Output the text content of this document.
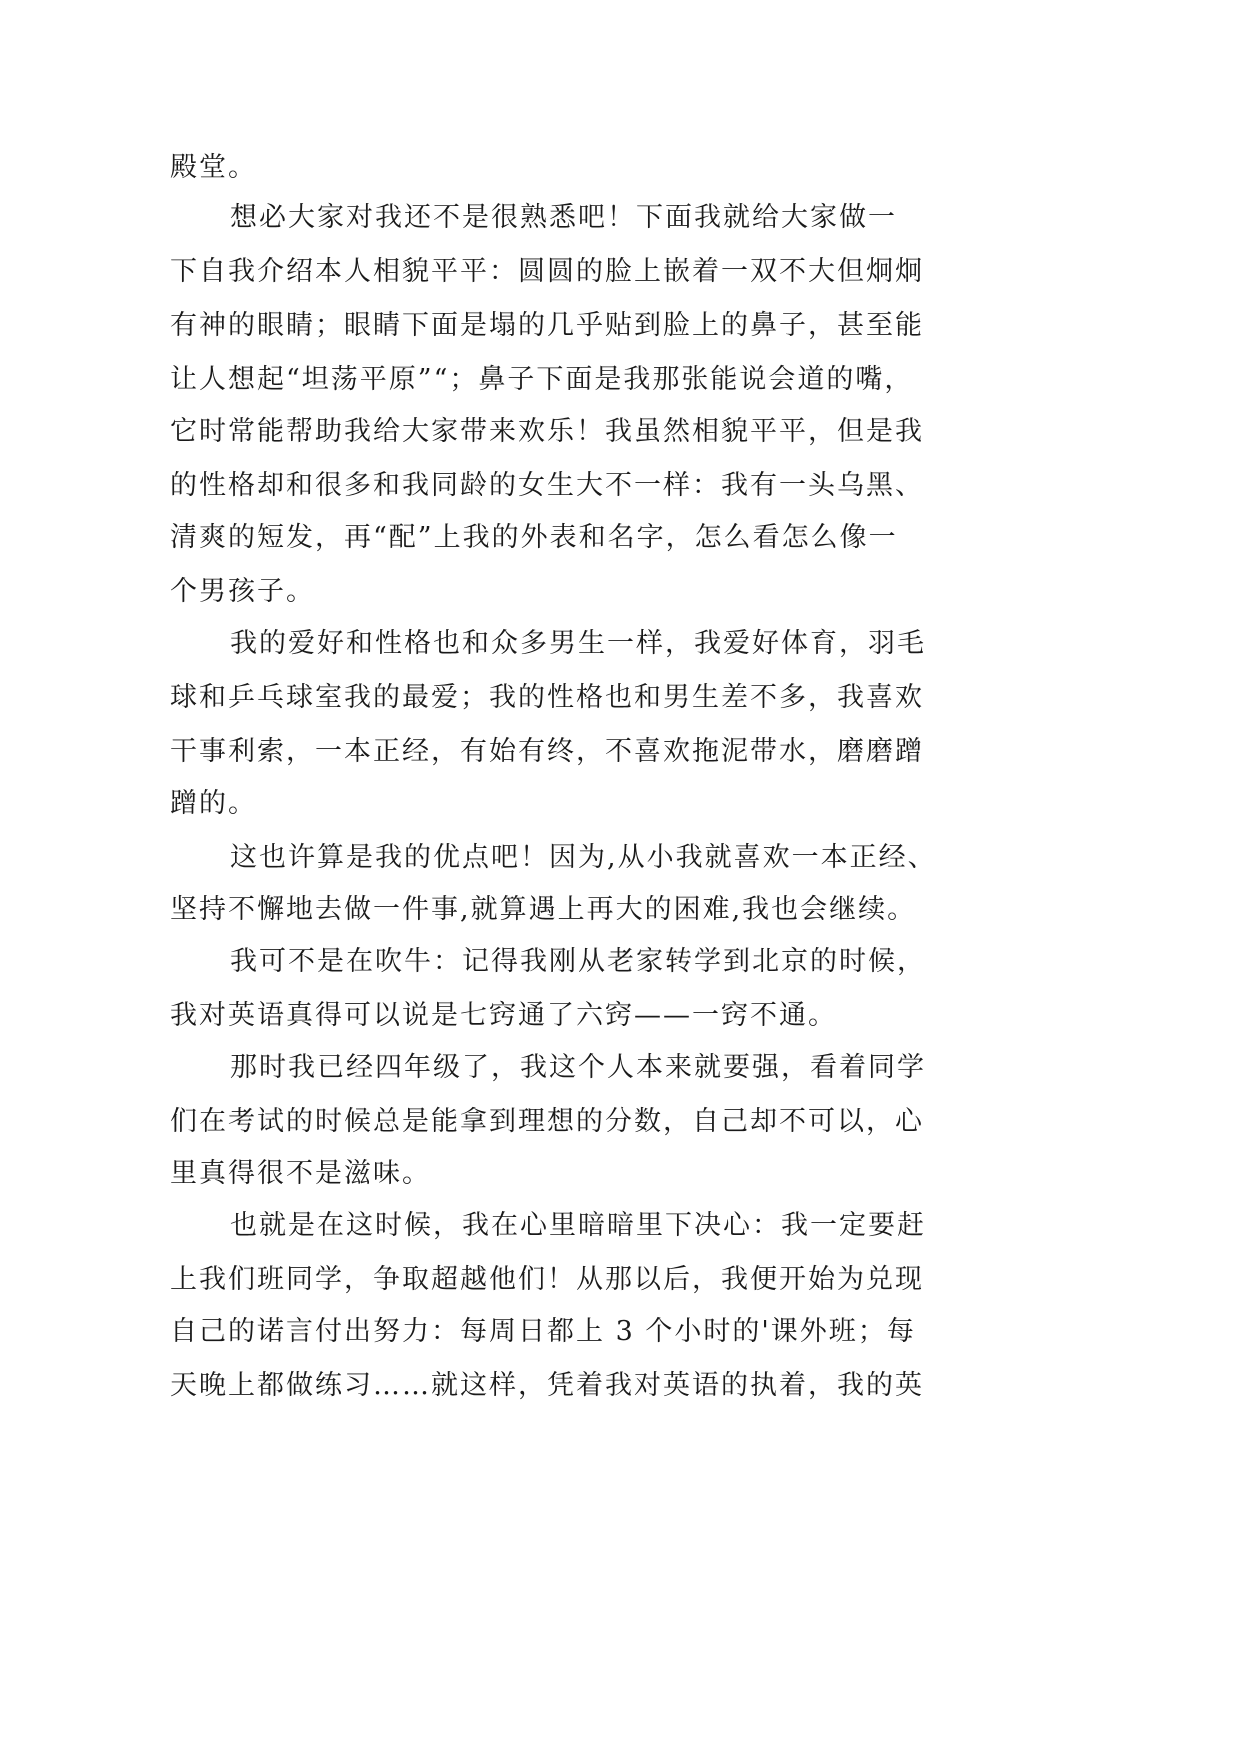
殿堂。

想必大家对我还不是很熟悉吧！下面我就给大家做一

下自我介绍本人相貌平平：圆圆的脸上嵌着一双不大但炯炯

有神的眼睛；眼睛下面是塌的几乎贴到脸上的鼻子，甚至能

让人想起“坦荡平原”“；鼻子下面是我那张能说会道的嘴，

它时常能帮助我给大家带来欢乐！我虽然相貌平平，但是我

的性格却和很多和我同龄的女生大不一样：我有一头乌黑、

清爽的短发，再“配”上我的外表和名字，怎么看怎么像一

个男孩子。

我的爱好和性格也和众多男生一样，我爱好体育，羽毛

球和乒乓球室我的最爱；我的性格也和男生差不多，我喜欢

干事利索，一本正经，有始有终，不喜欢拖泥带水，磨磨蹭

蹭的。

这也许算是我的优点吧！因为,从小我就喜欢一本正经、

坚持不懈地去做一件事,就算遇上再大的困难,我也会继续。

我可不是在吹牛：记得我刚从老家转学到北京的时候，

我对英语真得可以说是七窍通了六窍——一窍不通。

那时我已经四年级了，我这个人本来就要强，看着同学

们在考试的时候总是能拿到理想的分数，自己却不可以，心

里真得很不是滋味。

也就是在这时候，我在心里暗暗里下决心：我一定要赶

上我们班同学，争取超越他们！从那以后，我便开始为兑现

自己的诺言付出努力：每周日都上 3 个小时的'课外班；每

天晚上都做练习……就这样，凭着我对英语的执着，我的英
